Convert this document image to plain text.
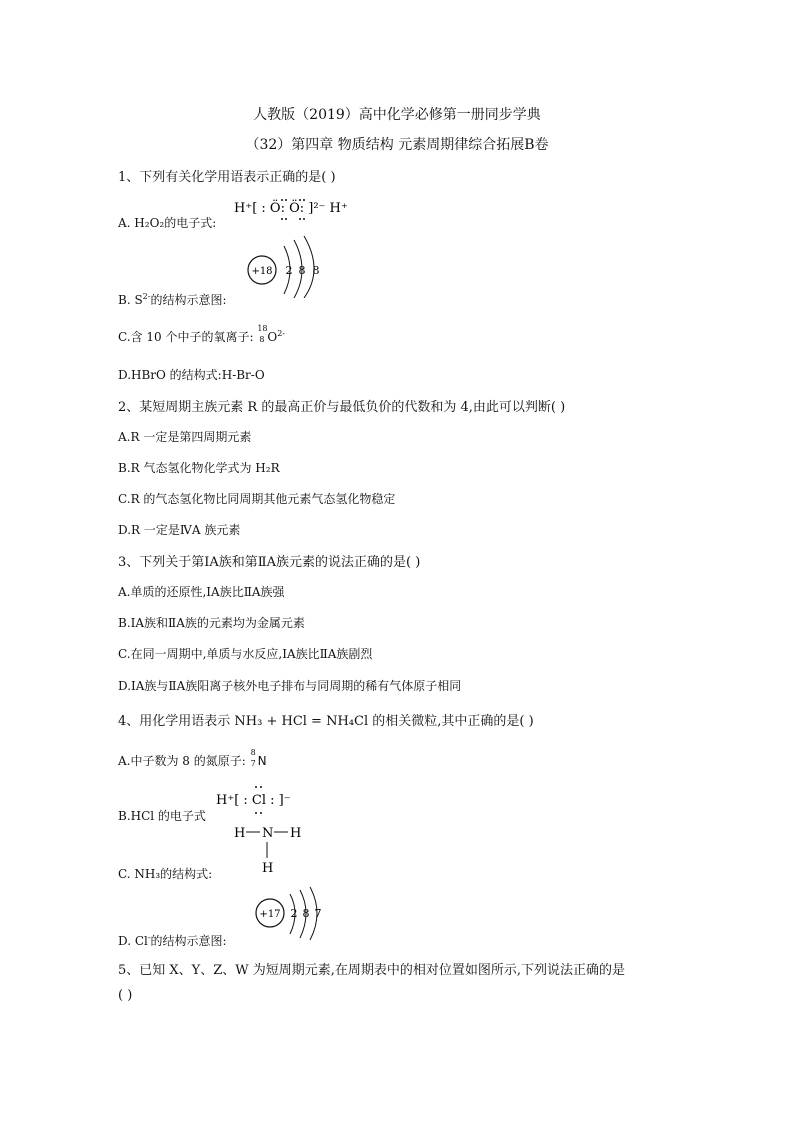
人教版（2019）高中化学必修第一册同步学典
（32）第四章 物质结构 元素周期律综合拓展B卷
1、下列有关化学用语表示正确的是( )
H⁺[ : Ö: Ö: ]²⁻ H⁺
A. H₂O₂的电子式:
+18 2 8 8
B. $S^{2-}$的结构示意图:
C.含 10 个中子的氧离子:
18
8 $O^{2-}$
D.HBrO 的结构式:H-Br-O
2、某短周期主族元素 R 的最高正价与最低负价的代数和为 4,由此可以判断( )
A.R 一定是第四周期元素
B.R 气态氢化物化学式为 H₂R
C.R 的气态氢化物比同周期其他元素气态氢化物稳定
D.R 一定是ⅣA 族元素
3、下列关于第ⅠA族和第ⅡA族元素的说法正确的是( )
A.单质的还原性,ⅠA族比ⅡA族强
B.ⅠA族和ⅡA族的元素均为金属元素
C.在同一周期中,单质与水反应,ⅠA族比ⅡA族剧烈
D.ⅠA族与ⅡA族阳离子核外电子排布与同周期的稀有气体原子相同
4、用化学用语表示 NH₃ + HCl = NH₄Cl 的相关微粒,其中正确的是( )
A.中子数为 8 的氮原子:
8
7 N
H⁺[ : Cl : ]⁻
B.HCl 的电子式
H N H
H
C. NH₃的结构式:
+17 2 8 7
D. Cl-的结构示意图:
5、已知 X、Y、Z、W 为短周期元素,在周期表中的相对位置如图所示,下列说法正确的是
( )
